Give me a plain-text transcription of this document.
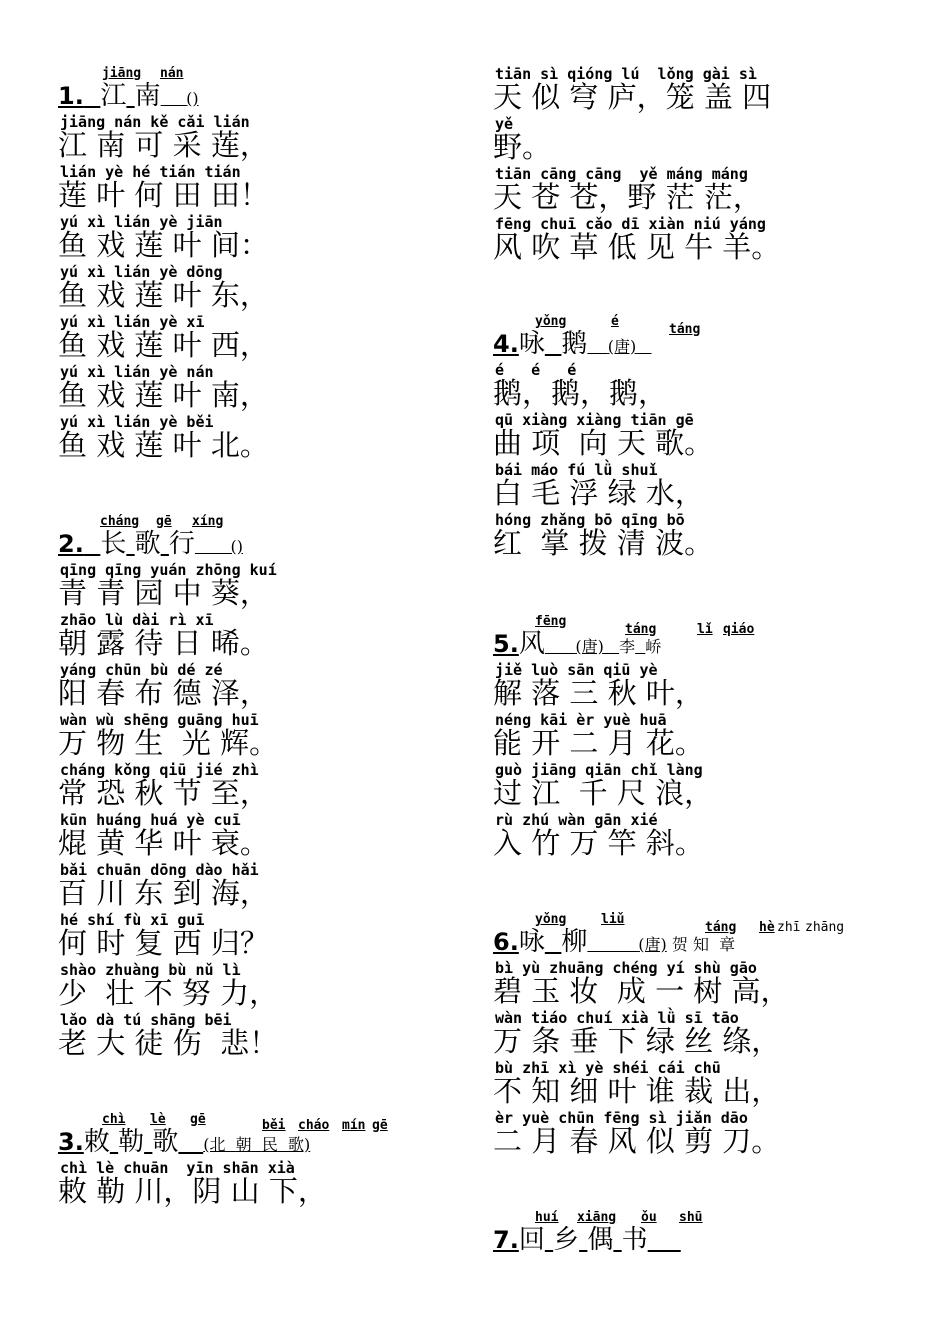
jiāng nán
1. 江 南 ()
jiāng nán kě cǎi lián
江 南 可 采 莲，
lián yè hé tián tián
莲 叶 何 田 田！
yú xì lián yè jiān
鱼 戏 莲 叶 间：
yú xì lián yè dōng
鱼 戏 莲 叶 东，
yú xì lián yè xī
鱼 戏 莲 叶 西，
yú xì lián yè nán
鱼 戏 莲 叶 南，
yú xì lián yè běi
鱼 戏 莲 叶 北。
cháng gē xíng
2. 长 歌 行 ()
qīng qīng yuán zhōng kuí
青 青 园 中 葵，
zhāo lù dài rì xī
朝 露 待 日 晞。
yáng chūn bù dé zé
阳 春 布 德 泽，
wàn wù shēng guāng huī
万 物 生  光 辉。
cháng kǒng qiū jié zhì
常 恐 秋 节 至，
kūn huáng huá yè cuī
焜 黄 华 叶 衰。
bǎi chuān dōng dào hǎi
百 川 东 到 海，
hé shí fù xī guī
何 时 复 西 归？
shào zhuàng bù nǔ lì
少  壮 不 努 力，
lǎo dà tú shāng bēi
老 大 徒 伤  悲！
chì lè gē	běi cháo mín gē
3.敕 勒 歌 (北 朝 民 歌)
chì lè chuān  yīn shān xià
敕 勒 川，阴 山 下，
tiān sì qióng lú  lǒng gài sì
天 似 穹 庐，笼 盖 四
yě
野。
tiān cāng cāng  yě máng máng
天 苍 苍，野 茫 茫，
fēng chuī cǎo dī xiàn niú yáng
风 吹 草 低 见 牛 羊。
yǒng	é
táng
4.咏 鹅 (唐)
é   é   é
鹅，鹅，鹅，
qū xiàng xiàng tiān gē
曲 项  向 天 歌。
bái máo fú lǜ shuǐ
白 毛 浮 绿 水，
hóng zhǎng bō qīng bō
红  掌 拨 清 波。
fēng
táng	lǐ qiáo
5.风 (唐) 李 峤
jiě luò sān qiū yè
解 落 三 秋 叶，
néng kāi èr yuè huā
能 开 二 月 花。
guò jiāng qiān chǐ làng
过 江  千 尺 浪，
rù zhú wàn gān xié
入 竹 万 竿 斜。
yǒng	liǔ
táng hè zhī zhāng
6.咏 柳	(唐) 贺 知 章
bì yù zhuāng chéng yí shù gāo
碧 玉 妆  成 一 树 高，
wàn tiáo chuí xià lǜ sī tāo
万 条 垂 下 绿 丝 绦，
bù zhī xì yè shéi cái chū
不 知 细 叶 谁 裁 出，
èr yuè chūn fēng sì jiǎn dāo
二 月 春 风 似 剪 刀。
huí xiāng ǒu shū
7.回 乡 偶 书
